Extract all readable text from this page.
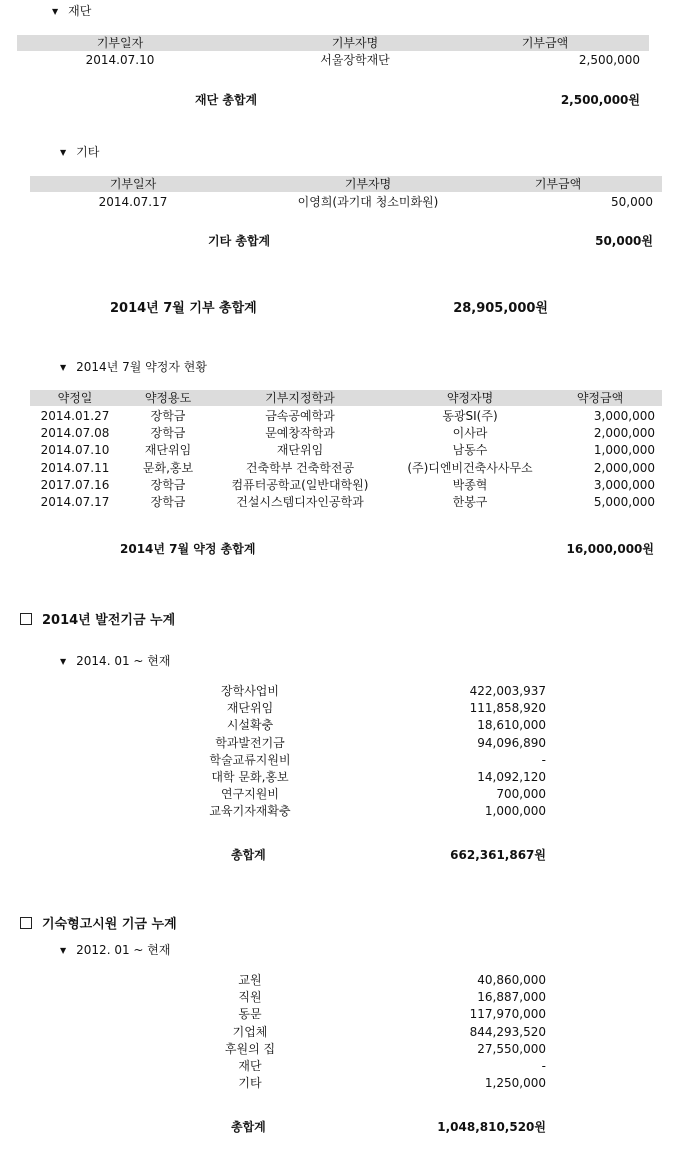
▼ 재단
기부일자	기부자명	기부금액
2014.07.10	서울장학재단	2,500,000
재단 총합계	2,500,000원
▼ 기타
기부일자	기부자명	기부금액
2014.07.17	이영희(과기대 청소미화원)	50,000
기타 총합계	50,000원
2014년 7월 기부 총합계	28,905,000원
▼ 2014년 7월 약정자 현황
약정일	약정용도	기부지정학과	약정자명	약정금액
2014.01.27	장학금	금속공예학과	동광SI(주)	3,000,000
2014.07.08	장학금	문예창작학과	이사라	2,000,000
2014.07.10	재단위임	재단위임	남동수	1,000,000
2014.07.11	문화,홍보	건축학부 건축학전공	(주)디엔비건축사사무소	2,000,000
2017.07.16	장학금	컴퓨터공학교(일반대학원)	박종혁	3,000,000
2014.07.17	장학금	건설시스템디자인공학과	한봉구	5,000,000
2014년 7월 약정 총합계	16,000,000원
2014년 발전기금 누계
▼ 2014. 01 ~ 현재
장학사업비	422,003,937
재단위임	111,858,920
시설확충	18,610,000
학과발전기금	94,096,890
학술교류지원비	-
대학 문화,홍보	14,092,120
연구지원비	700,000
교육기자재확충	1,000,000
총합계	662,361,867원
기숙형고시원 기금 누계
▼ 2012. 01 ~ 현재
교원	40,860,000
직원	16,887,000
동문	117,970,000
기업체	844,293,520
후원의 집	27,550,000
재단	-
기타	1,250,000
총합계	1,048,810,520원
